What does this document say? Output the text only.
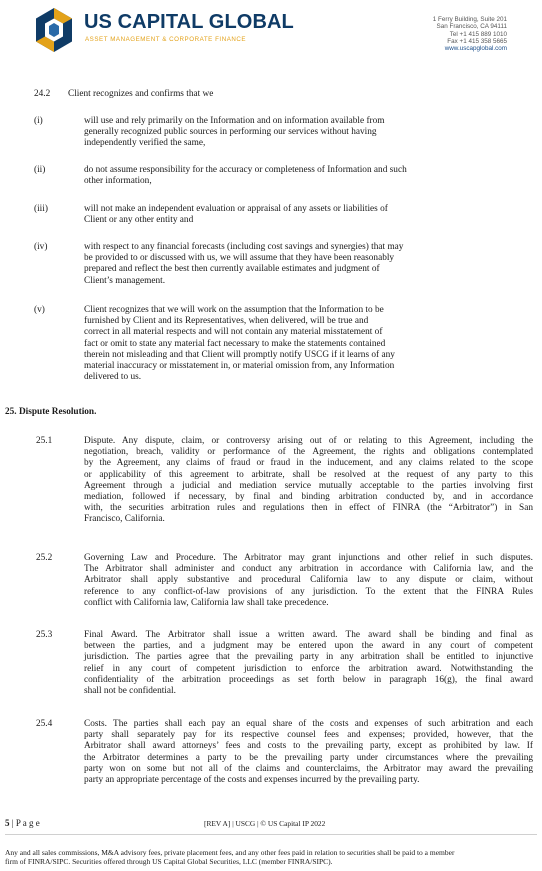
US CAPITAL GLOBAL
ASSET MANAGEMENT & CORPORATE FINANCE
1 Ferry Building, Suite 201
San Francisco, CA 94111
Tel +1 415 889 1010
Fax +1 415 358 5665
www.uscapglobal.com
24.2 Client recognizes and confirms that we
(i)	will use and rely primarily on the Information and on information available from
generally recognized public sources in performing our services without having
independently verified the same,
(ii)	do not assume responsibility for the accuracy or completeness of Information and such
other information,
(iii)	will not make an independent evaluation or appraisal of any assets or liabilities of
Client or any other entity and
(iv)	with respect to any financial forecasts (including cost savings and synergies) that may
be provided to or discussed with us, we will assume that they have been reasonably
prepared and reflect the best then currently available estimates and judgment of
Client’s management.
(v)	Client recognizes that we will work on the assumption that the Information to be
furnished by Client and its Representatives, when delivered, will be true and
correct in all material respects and will not contain any material misstatement of
fact or omit to state any material fact necessary to make the statements contained
therein not misleading and that Client will promptly notify USCG if it learns of any
material inaccuracy or misstatement in, or material omission from, any Information
delivered to us.
25. Dispute Resolution.
25.1	Dispute. Any dispute, claim, or controversy arising out of or relating to this Agreement, including the
negotiation, breach, validity or performance of the Agreement, the rights and obligations contemplated
by the Agreement, any claims of fraud or fraud in the inducement, and any claims related to the scope
or applicability of this agreement to arbitrate, shall be resolved at the request of any party to this
Agreement through a judicial and mediation service mutually acceptable to the parties involving first
mediation, followed if necessary, by final and binding arbitration conducted by, and in accordance
with, the securities arbitration rules and regulations then in effect of FINRA (the “Arbitrator”) in San
Francisco, California.
25.2	Governing Law and Procedure. The Arbitrator may grant injunctions and other relief in such disputes.
The Arbitrator shall administer and conduct any arbitration in accordance with California law, and the
Arbitrator shall apply substantive and procedural California law to any dispute or claim, without
reference to any conflict-of-law provisions of any jurisdiction. To the extent that the FINRA Rules
conflict with California law, California law shall take precedence.
25.3	Final Award. The Arbitrator shall issue a written award. The award shall be binding and final as
between the parties, and a judgment may be entered upon the award in any court of competent
jurisdiction. The parties agree that the prevailing party in any arbitration shall be entitled to injunctive
relief in any court of competent jurisdiction to enforce the arbitration award. Notwithstanding the
confidentiality of the arbitration proceedings as set forth below in paragraph 16(g), the final award
shall not be confidential.
25.4	Costs. The parties shall each pay an equal share of the costs and expenses of such arbitration and each
party shall separately pay for its respective counsel fees and expenses; provided, however, that the
Arbitrator shall award attorneys’ fees and costs to the prevailing party, except as prohibited by law. If
the Arbitrator determines a party to be the prevailing party under circumstances where the prevailing
party won on some but not all of the claims and counterclaims, the Arbitrator may award the prevailing
party an appropriate percentage of the costs and expenses incurred by the prevailing party.
5 | P a g e	[REV A] | USCG | © US Capital IP 2022
Any and all sales commissions, M&A advisory fees, private placement fees, and any other fees paid in relation to securities shall be paid to a member
firm of FINRA/SIPC. Securities offered through US Capital Global Securities, LLC (member FINRA/SIPC).
